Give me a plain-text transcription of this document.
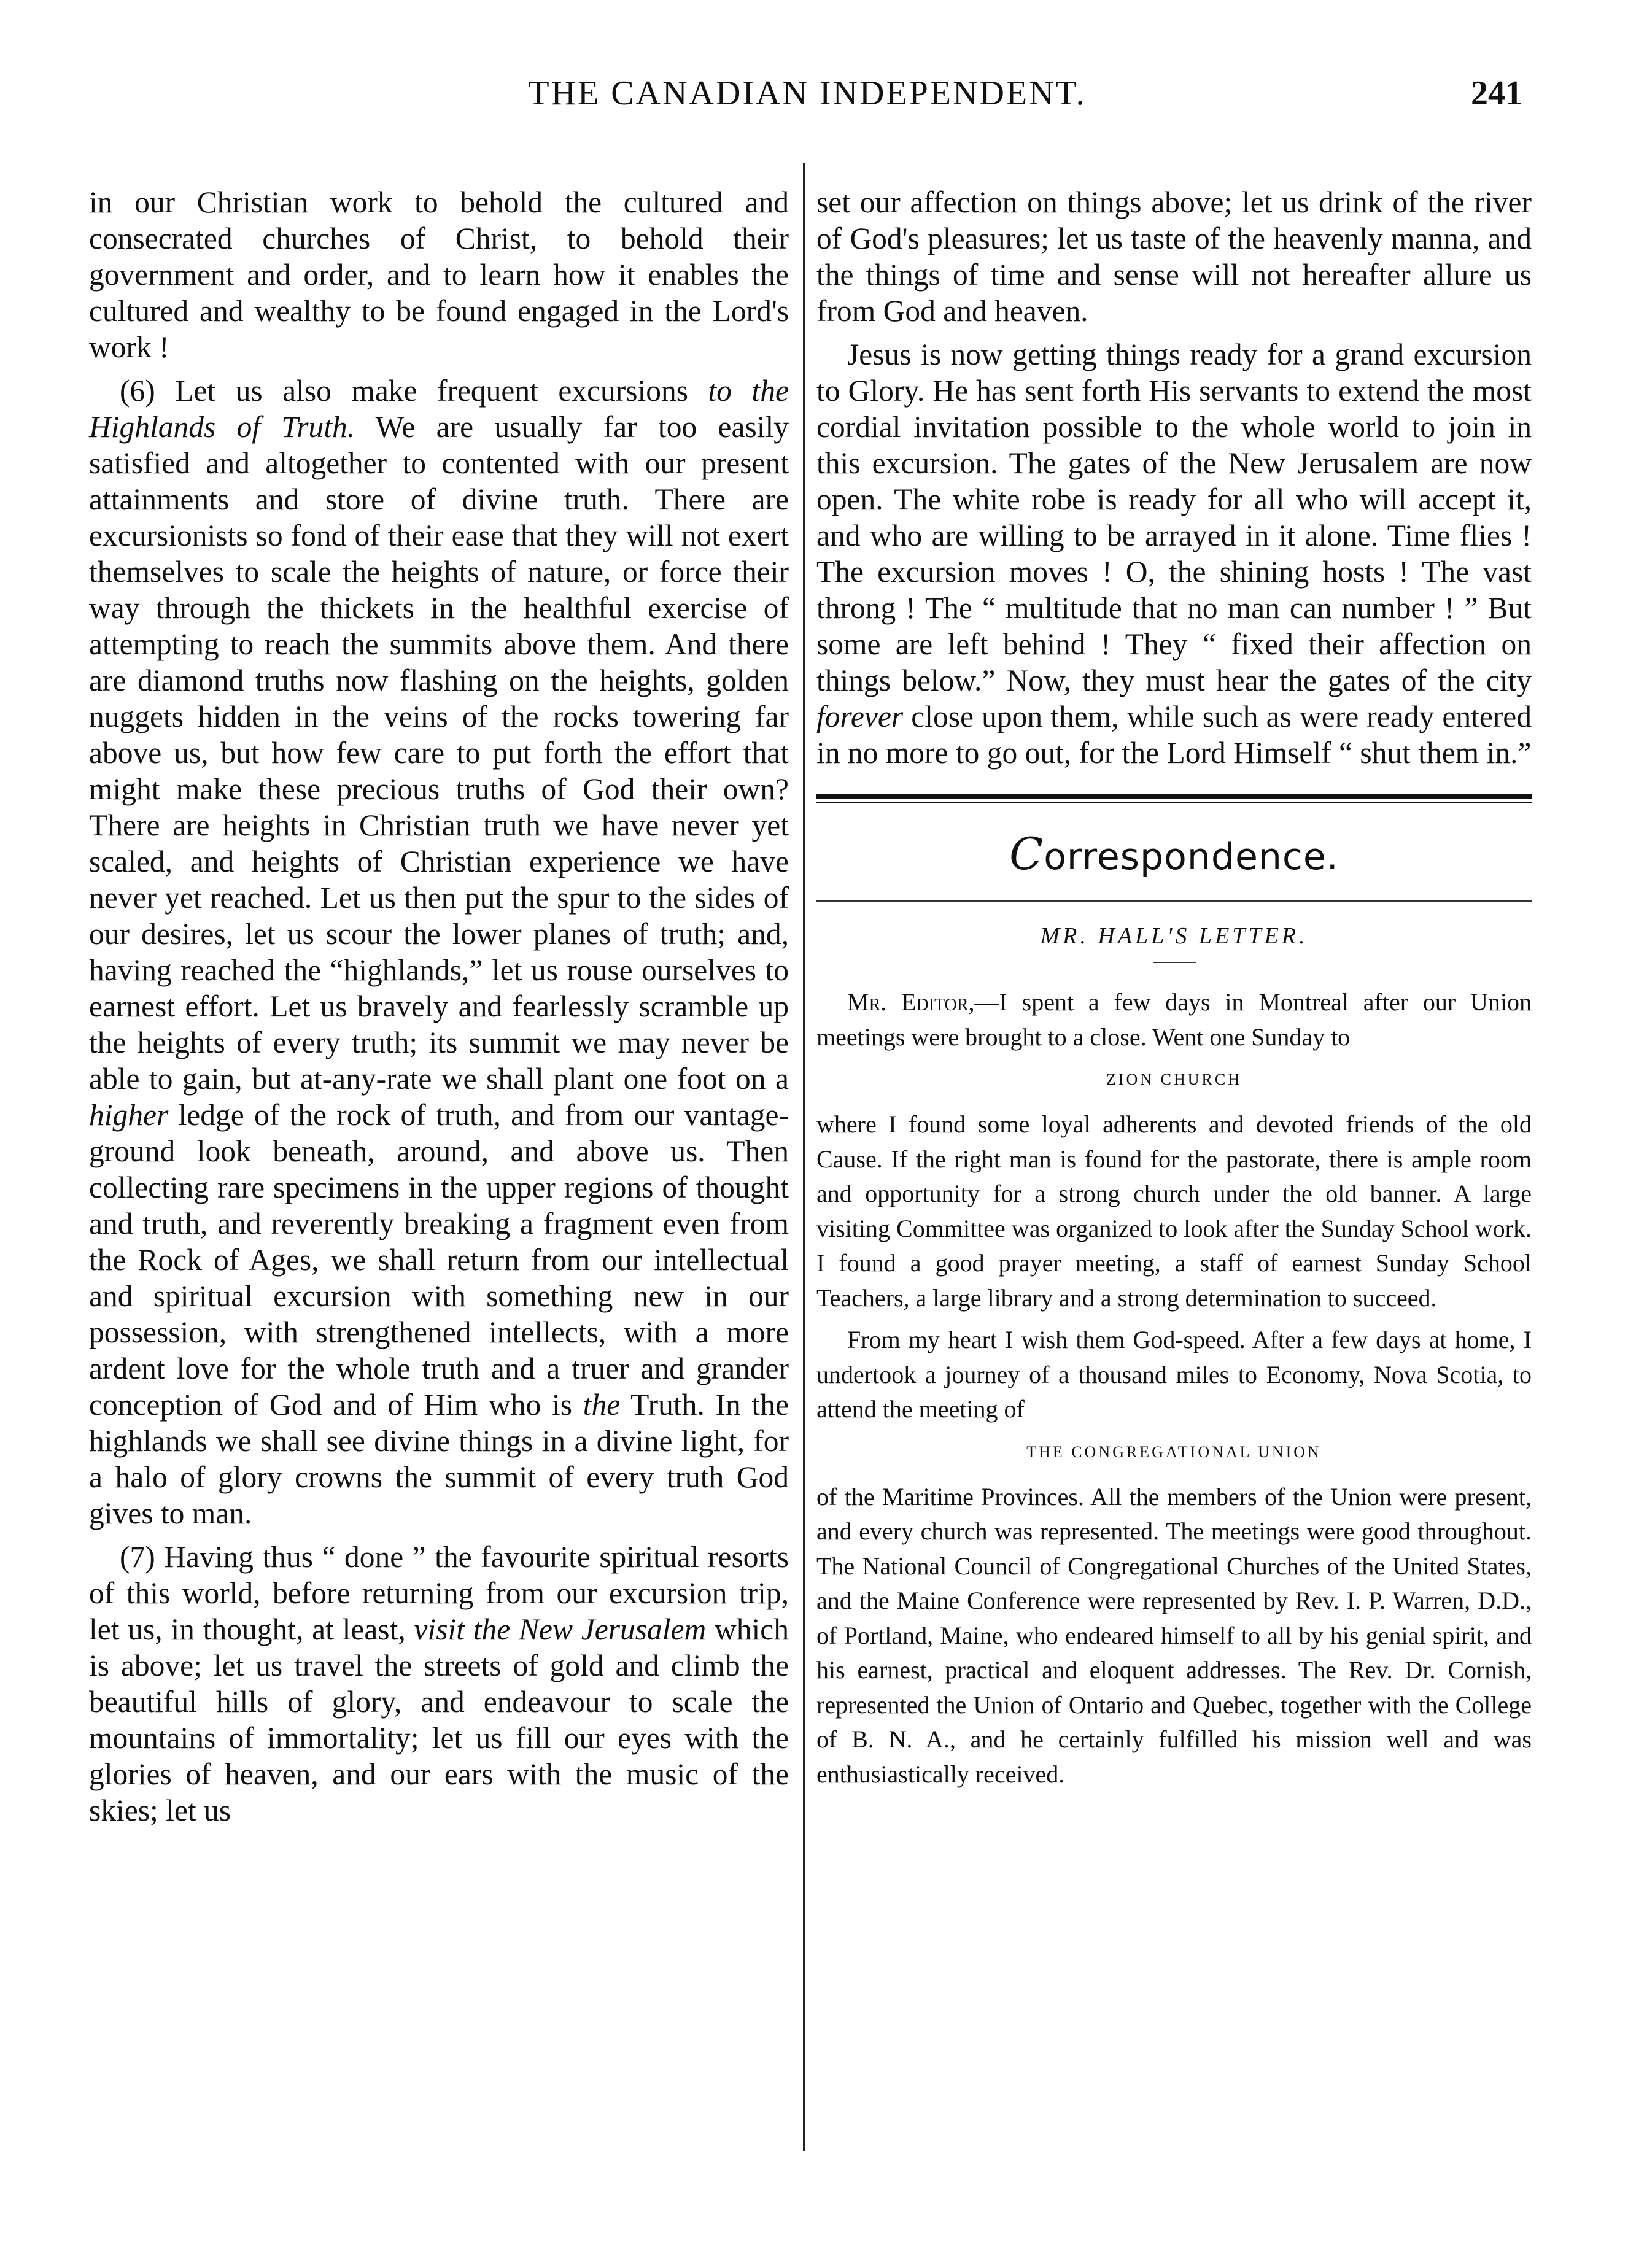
THE CANADIAN INDEPENDENT.	241

in our Christian work to behold the cultured and consecrated churches of Christ, to behold their government and order, and to learn how it enables the cultured and wealthy to be found engaged in the Lord's work !

(6) Let us also make frequent excursions to the Highlands of Truth. We are usually far too easily satisfied and altogether to contented with our present attainments and store of divine truth. There are excursionists so fond of their ease that they will not exert themselves to scale the heights of nature, or force their way through the thickets in the healthful exercise of attempting to reach the summits above them. And there are diamond truths now flashing on the heights, golden nuggets hidden in the veins of the rocks towering far above us, but how few care to put forth the effort that might make these precious truths of God their own? There are heights in Christian truth we have never yet scaled, and heights of Christian experience we have never yet reached. Let us then put the spur to the sides of our desires, let us scour the lower planes of truth; and, having reached the “highlands,” let us rouse ourselves to earnest effort. Let us bravely and fearlessly scramble up the heights of every truth; its summit we may never be able to gain, but at-any-rate we shall plant one foot on a higher ledge of the rock of truth, and from our vantage-ground look beneath, around, and above us. Then collecting rare specimens in the upper regions of thought and truth, and reverently breaking a fragment even from the Rock of Ages, we shall return from our intellectual and spiritual excursion with something new in our possession, with strengthened intellects, with a more ardent love for the whole truth and a truer and grander conception of God and of Him who is the Truth. In the highlands we shall see divine things in a divine light, for a halo of glory crowns the summit of every truth God gives to man.

(7) Having thus “ done ” the favourite spiritual resorts of this world, before returning from our excursion trip, let us, in thought, at least, visit the New Jerusalem which is above; let us travel the streets of gold and climb the beautiful hills of glory, and endeavour to scale the mountains of immortality; let us fill our eyes with the glories of heaven, and our ears with the music of the skies; let us

set our affection on things above; let us drink of the river of God's pleasures; let us taste of the heavenly manna, and the things of time and sense will not hereafter allure us from God and heaven.

Jesus is now getting things ready for a grand excursion to Glory. He has sent forth His servants to extend the most cordial invitation possible to the whole world to join in this excursion. The gates of the New Jerusalem are now open. The white robe is ready for all who will accept it, and who are willing to be arrayed in it alone. Time flies ! The excursion moves ! O, the shining hosts ! The vast throng ! The “ multitude that no man can number ! ” But some are left behind ! They “ fixed their affection on things below.” Now, they must hear the gates of the city forever close upon them, while such as were ready entered in no more to go out, for the Lord Himself “ shut them in.”

Correspondence.
MR. HALL'S LETTER.

Mr. Editor,—I spent a few days in Montreal after our Union meetings were brought to a close. Went one Sunday to

ZION CHURCH

where I found some loyal adherents and devoted friends of the old Cause. If the right man is found for the pastorate, there is ample room and opportunity for a strong church under the old banner. A large visiting Committee was organized to look after the Sunday School work. I found a good prayer meeting, a staff of earnest Sunday School Teachers, a large library and a strong determination to succeed.

From my heart I wish them God-speed. After a few days at home, I undertook a journey of a thousand miles to Economy, Nova Scotia, to attend the meeting of

THE CONGREGATIONAL UNION

of the Maritime Provinces. All the members of the Union were present, and every church was represented. The meetings were good throughout. The National Council of Congregational Churches of the United States, and the Maine Conference were represented by Rev. I. P. Warren, D.D., of Portland, Maine, who endeared himself to all by his genial spirit, and his earnest, practical and eloquent addresses. The Rev. Dr. Cornish, represented the Union of Ontario and Quebec, together with the College of B. N. A., and he certainly fulfilled his mission well and was enthusiastically received.
